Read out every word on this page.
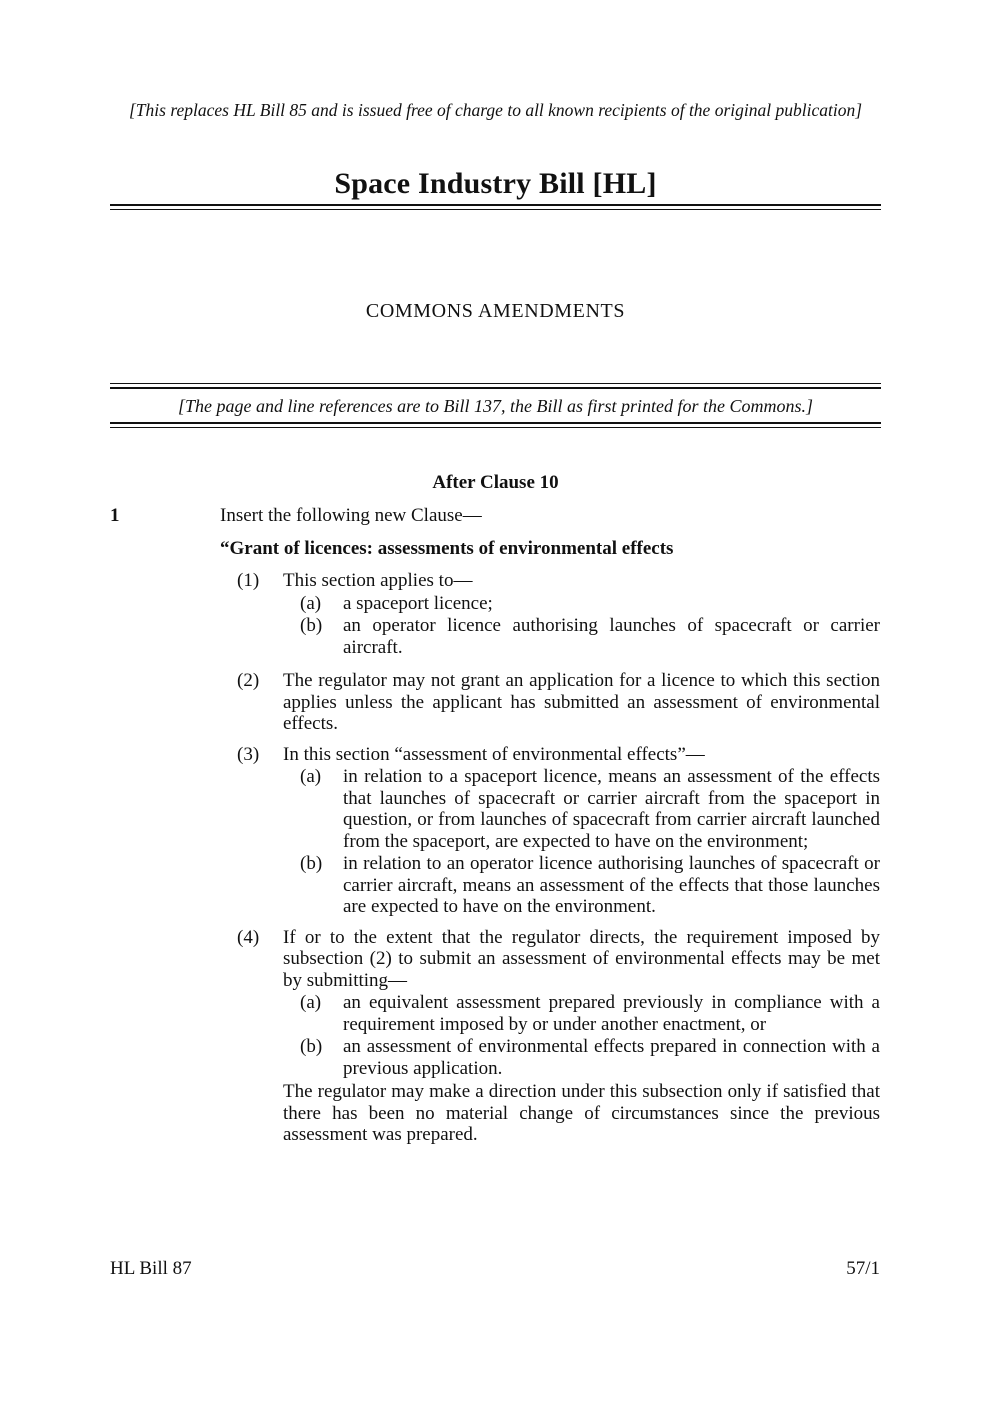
[This replaces HL Bill 85 and is issued free of charge to all known recipients of the original publication]
Space Industry Bill [HL]
COMMONS AMENDMENTS
[The page and line references are to Bill 137, the Bill as first printed for the Commons.]
After Clause 10
1	Insert the following new Clause—

“Grant of licences: assessments of environmental effects

(1)	This section applies to—
(a)	a spaceport licence;
(b)	an operator licence authorising launches of spacecraft or carrier aircraft.
(2)	The regulator may not grant an application for a licence to which this section applies unless the applicant has submitted an assessment of environmental effects.
(3)	In this section “assessment of environmental effects”—
(a)	in relation to a spaceport licence, means an assessment of the effects that launches of spacecraft or carrier aircraft from the spaceport in question, or from launches of spacecraft from carrier aircraft launched from the spaceport, are expected to have on the environment;
(b)	in relation to an operator licence authorising launches of spacecraft or carrier aircraft, means an assessment of the effects that those launches are expected to have on the environment.
(4)	If or to the extent that the regulator directs, the requirement imposed by subsection (2) to submit an assessment of environmental effects may be met by submitting—
(a)	an equivalent assessment prepared previously in compliance with a requirement imposed by or under another enactment, or
(b)	an assessment of environmental effects prepared in connection with a previous application.
The regulator may make a direction under this subsection only if satisfied that there has been no material change of circumstances since the previous assessment was prepared.
HL Bill 87	57/1
